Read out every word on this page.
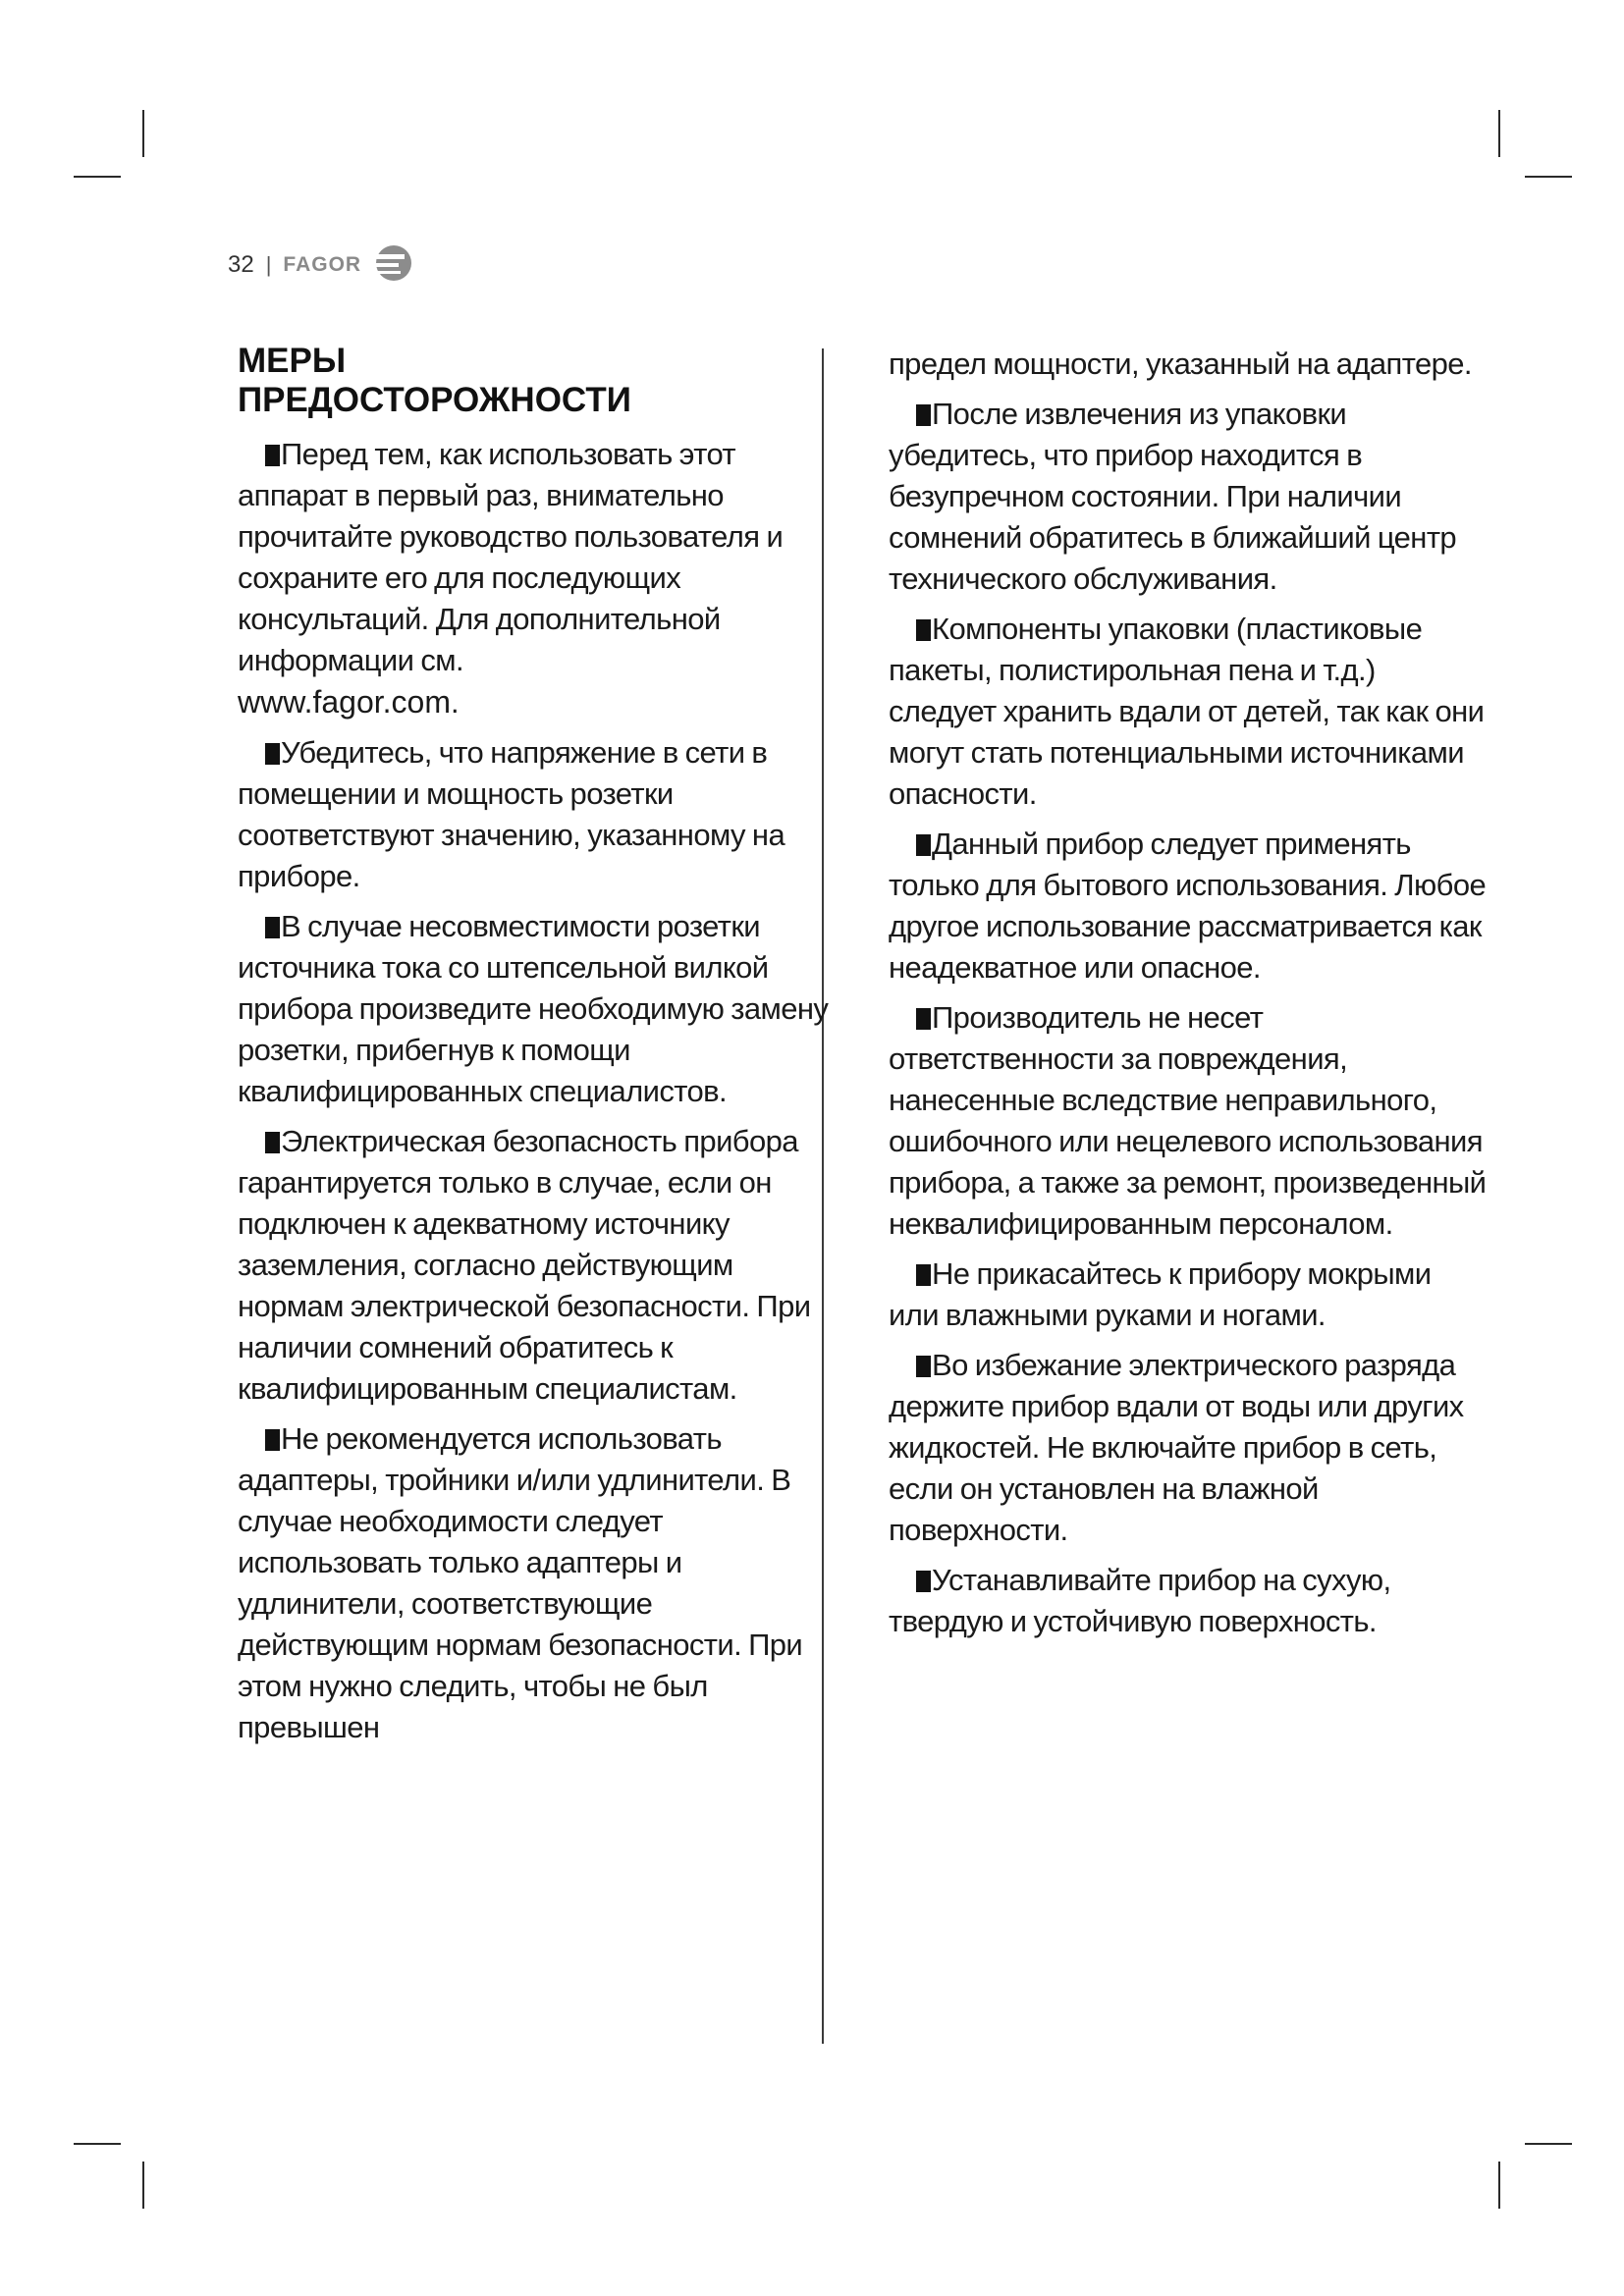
32 | FAGOR
МЕРЫ
ПРЕДОСТОРОЖНОСТИ

Перед тем, как использовать этот аппарат в первый раз, внимательно прочитайте руководство пользователя и сохраните его для последующих консультаций. Для дополнительной информации см.
www.fagor.com.

Убедитесь, что напряжение в сети в помещении и мощность розетки соответствуют значению, указанному на приборе.

В случае несовместимости розетки источника тока со штепсельной вилкой прибора произведите необходимую замену розетки, прибегнув к помощи квалифицированных специалистов.

Электрическая безопасность прибора гарантируется только в случае, если он подключен к адекватному источнику заземления, согласно действующим нормам электрической безопасности. При наличии сомнений обратитесь к квалифицированным специалистам.

Не рекомендуется использовать адаптеры, тройники и/или удлинители. В случае необходимости следует использовать только адаптеры и удлинители, соответствующие действующим нормам безопасности. При этом нужно следить, чтобы не был превышен

предел мощности, указанный на адаптере.

После извлечения из упаковки убедитесь, что прибор находится в безупречном состоянии. При наличии сомнений обратитесь в ближайший центр технического обслуживания.

Компоненты упаковки (пластиковые пакеты, полистирольная пена и т.д.) следует хранить вдали от детей, так как они могут стать потенциальными источниками опасности.

Данный прибор следует применять только для бытового использования. Любое другое использование рассматривается как неадекватное или опасное.

Производитель не несет ответственности за повреждения, нанесенные вследствие неправильного, ошибочного или нецелевого использования прибора, а также за ремонт, произведенный неквалифицированным персоналом.

Не прикасайтесь к прибору мокрыми или влажными руками и ногами.

Во избежание электрического разряда держите прибор вдали от воды или других жидкостей. Не включайте прибор в сеть, если он установлен на влажной поверхности.

Устанавливайте прибор на сухую, твердую и устойчивую поверхность.
